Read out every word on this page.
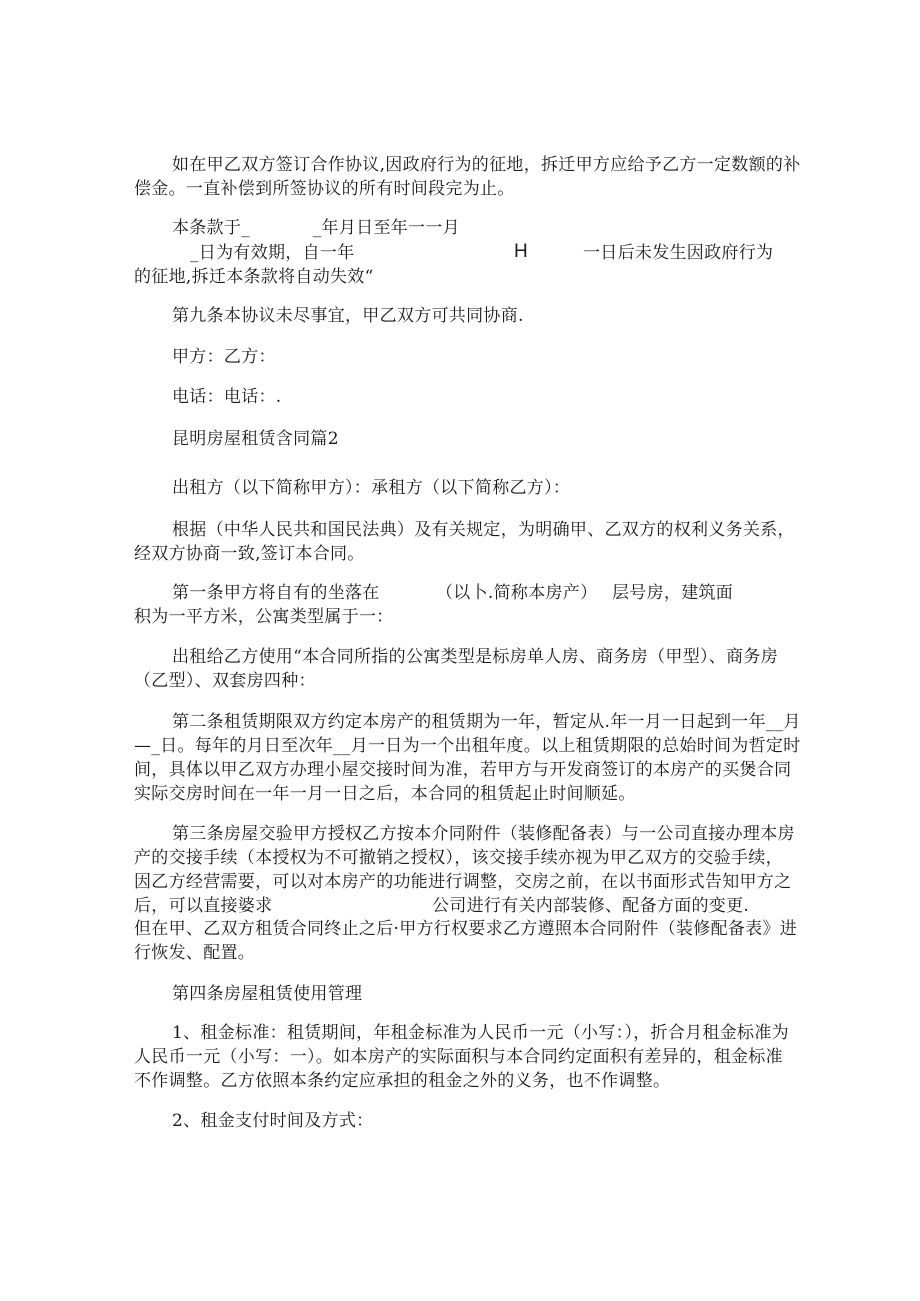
如在甲乙双方签订合作协议,因政府行为的征地，拆迁甲方应给予乙方一定数额的补
偿金。一直补偿到所签协议的所有时间段完为止。
本条款于_           _年月日至年一一月
_日为有效期，自一年	H	一日后未发生因政府行为
的征地,拆迁本条款将自动失效“
第九条本协议未尽事宜，甲乙双方可共同协商.
甲方：乙方：
电话：电话：.
昆明房屋租赁含同篇2
出租方（以下简称甲方）：承租方（以下简称乙方）：
根据（中华人民共和国民法典）及有关规定，为明确甲、乙双方的权利义务关系，
经双方协商一致,签订本合同。
第一条甲方将自有的坐落在	（以卜.简称本房产） 层号房，建筑面
积为一平方米，公寓类型属于一：
出租给乙方使用“本合同所指的公寓类型是标房单人房、商务房（甲型）、商务房
（乙型）、双套房四种：
第二条租赁期限双方约定本房产的租赁期为一年，暂定从.年一月一日起到一年__月
—_日。每年的月日至次年__月一日为一个出租年度。以上租赁期限的总始时间为哲定时
间，具体以甲乙双方办理小屋交接时间为准，若甲方与开发商签订的本房产的买煲合同
实际交房时间在一年一月一日之后，本合同的租赁起止时间顺延。
第三条房屋交验甲方授权乙方按本介同附件（装修配备表）与一公司直接办理本房
产的交接手续（本授权为不可撤销之授权），该交接手续亦视为甲乙双方的交验手续，
因乙方经营需要，可以对本房产的功能进行调整，交房之前，在以书面形式告知甲方之
后，可以直接婆求	公司进行有关内部装修、配备方面的变更.
但在甲、乙双方租赁合同终止之后·甲方行权要求乙方遵照本合同附件（装修配备表》进
行恢发、配置。
第四条房屋租赁使用管理
1、租金标准：租赁期间，年租金标准为人民币一元（小写：），折合月租金标准为
人民币一元（小写：一）。如本房产的实际面积与本合同约定面积有差异的，租金标准
不作调整。乙方依照本条约定应承担的租金之外的义务，也不作调整。
2、租金支付时间及方式：
